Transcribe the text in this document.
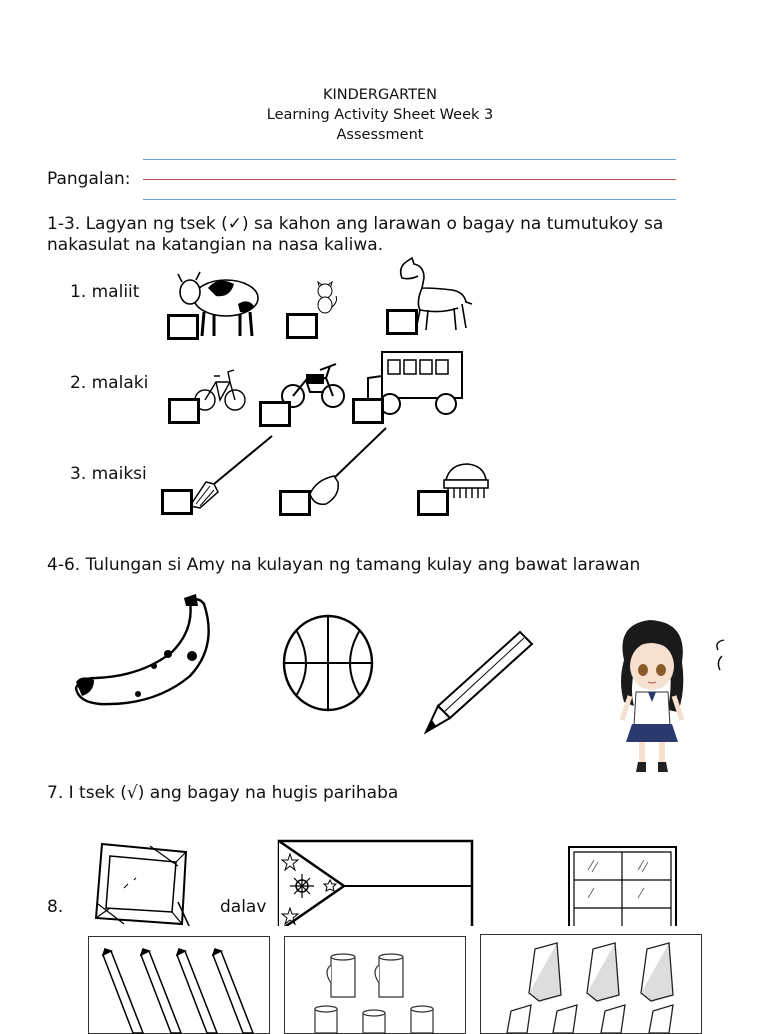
KINDERGARTEN
Learning Activity Sheet Week 3
Assessment
Pangalan:
1-3. Lagyan ng tsek (✓) sa kahon ang larawan o bagay na tumutukoy sa
nakasulat na katangian na nasa kaliwa.
1. maliit
2. malaki
3. maiksi
4-6. Tulungan si Amy na kulayan ng tamang kulay ang bawat larawan
7. I tsek (√) ang bagay na hugis parihaba
8.	dalav
